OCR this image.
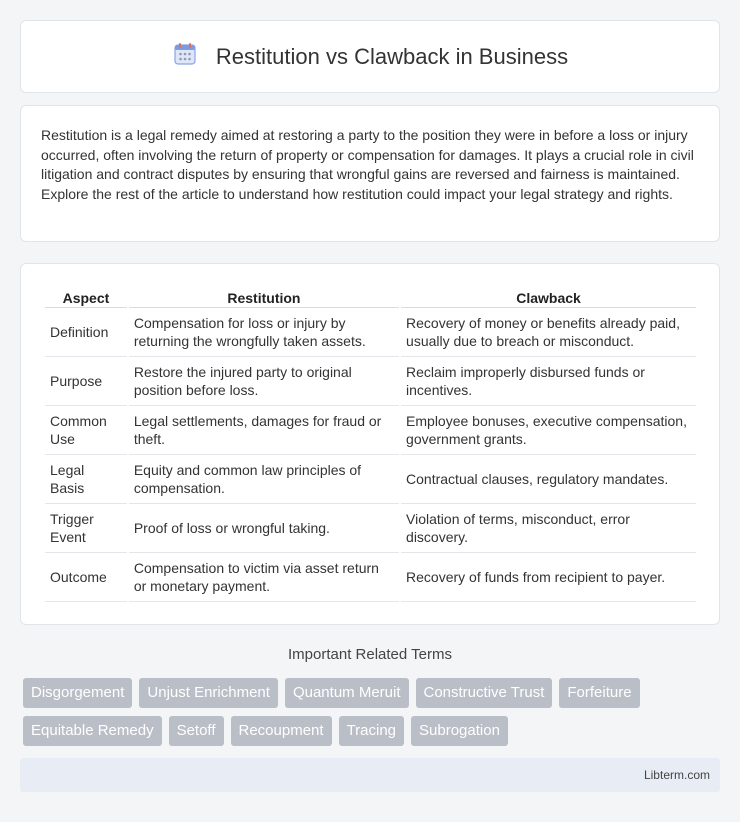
Restitution vs Clawback in Business

Restitution is a legal remedy aimed at restoring a party to the position they were in before a loss or injury occurred, often involving the return of property or compensation for damages. It plays a crucial role in civil litigation and contract disputes by ensuring that wrongful gains are reversed and fairness is maintained. Explore the rest of the article to understand how restitution could impact your legal strategy and rights.

Aspect	Restitution	Clawback
Definition	Compensation for loss or injury by returning the wrongfully taken assets.	Recovery of money or benefits already paid, usually due to breach or misconduct.
Purpose	Restore the injured party to original position before loss.	Reclaim improperly disbursed funds or incentives.
Common Use	Legal settlements, damages for fraud or theft.	Employee bonuses, executive compensation, government grants.
Legal Basis	Equity and common law principles of compensation.	Contractual clauses, regulatory mandates.
Trigger Event	Proof of loss or wrongful taking.	Violation of terms, misconduct, error discovery.
Outcome	Compensation to victim via asset return or monetary payment.	Recovery of funds from recipient to payer.
Important Related Terms
Disgorgement	Unjust Enrichment	Quantum Meruit	Constructive Trust	Forfeiture
Equitable Remedy	Setoff	Recoupment	Tracing	Subrogation
Libterm.com
